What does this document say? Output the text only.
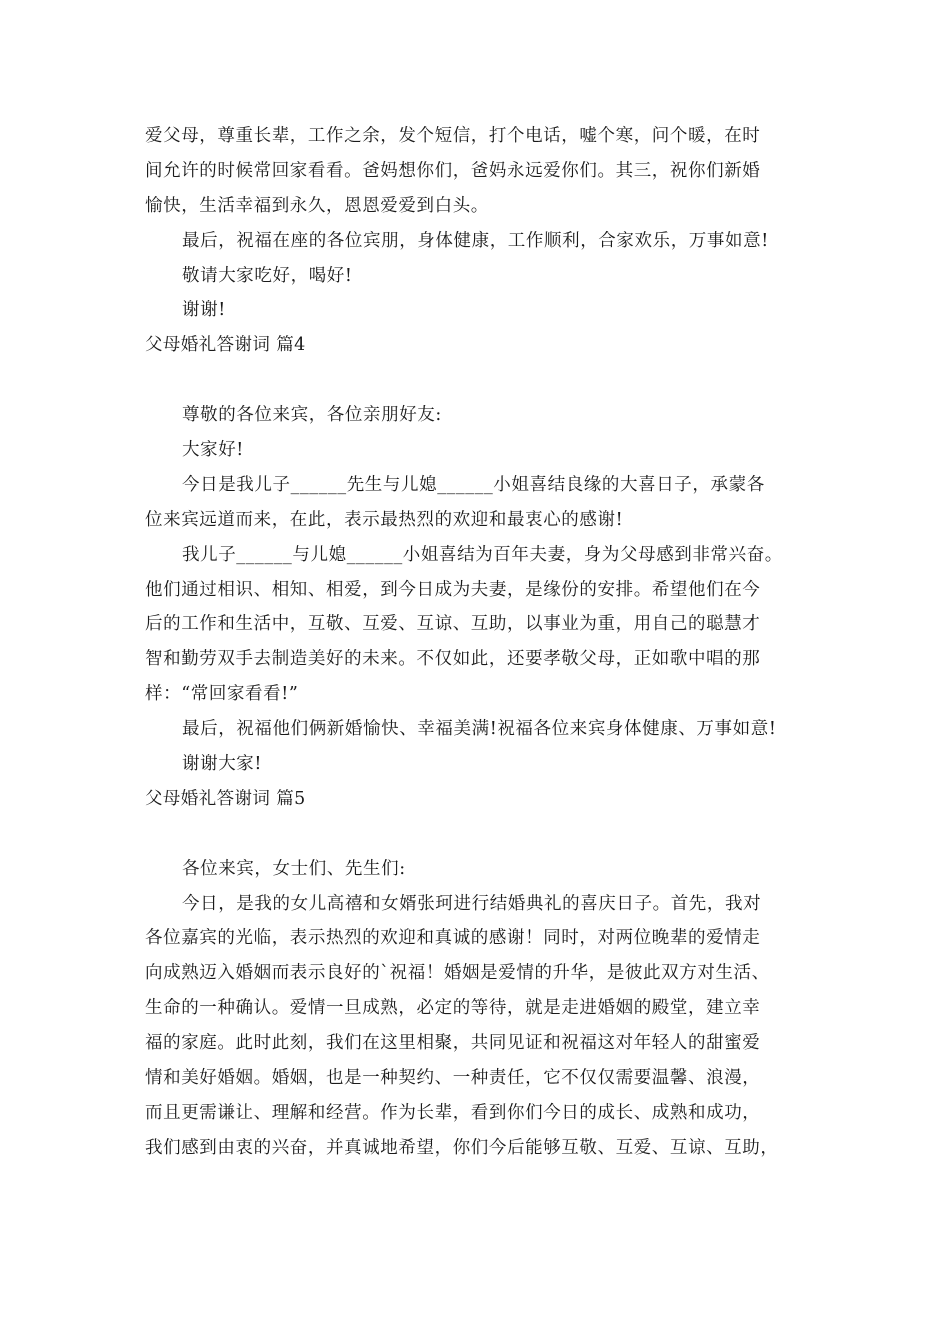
爱父母，尊重长辈，工作之余，发个短信，打个电话，嘘个寒，问个暖，在时
间允许的时候常回家看看。爸妈想你们，爸妈永远爱你们。其三，祝你们新婚
愉快，生活幸福到永久，恩恩爱爱到白头。
最后，祝福在座的各位宾朋，身体健康，工作顺利，合家欢乐，万事如意!
敬请大家吃好，喝好!
谢谢!
父母婚礼答谢词 篇4
尊敬的各位来宾，各位亲朋好友:
大家好!
今日是我儿子______先生与儿媳______小姐喜结良缘的大喜日子，承蒙各
位来宾远道而来，在此，表示最热烈的欢迎和最衷心的感谢!
我儿子______与儿媳______小姐喜结为百年夫妻，身为父母感到非常兴奋。
他们通过相识、相知、相爱，到今日成为夫妻，是缘份的安排。希望他们在今
后的工作和生活中，互敬、互爱、互谅、互助，以事业为重，用自己的聪慧才
智和勤劳双手去制造美好的未来。不仅如此，还要孝敬父母，正如歌中唱的那
样：“常回家看看!”
最后，祝福他们俩新婚愉快、幸福美满!祝福各位来宾身体健康、万事如意!
谢谢大家!
父母婚礼答谢词 篇5
各位来宾，女士们、先生们:
今日，是我的女儿高禧和女婿张珂进行结婚典礼的喜庆日子。首先，我对
各位嘉宾的光临，表示热烈的欢迎和真诚的感谢！同时，对两位晚辈的爱情走
向成熟迈入婚姻而表示良好的`祝福！婚姻是爱情的升华，是彼此双方对生活、
生命的一种确认。爱情一旦成熟，必定的等待，就是走进婚姻的殿堂，建立幸
福的家庭。此时此刻，我们在这里相聚，共同见证和祝福这对年轻人的甜蜜爱
情和美好婚姻。婚姻，也是一种契约、一种责任，它不仅仅需要温馨、浪漫，
而且更需谦让、理解和经营。作为长辈，看到你们今日的成长、成熟和成功，
我们感到由衷的兴奋，并真诚地希望，你们今后能够互敬、互爱、互谅、互助，
